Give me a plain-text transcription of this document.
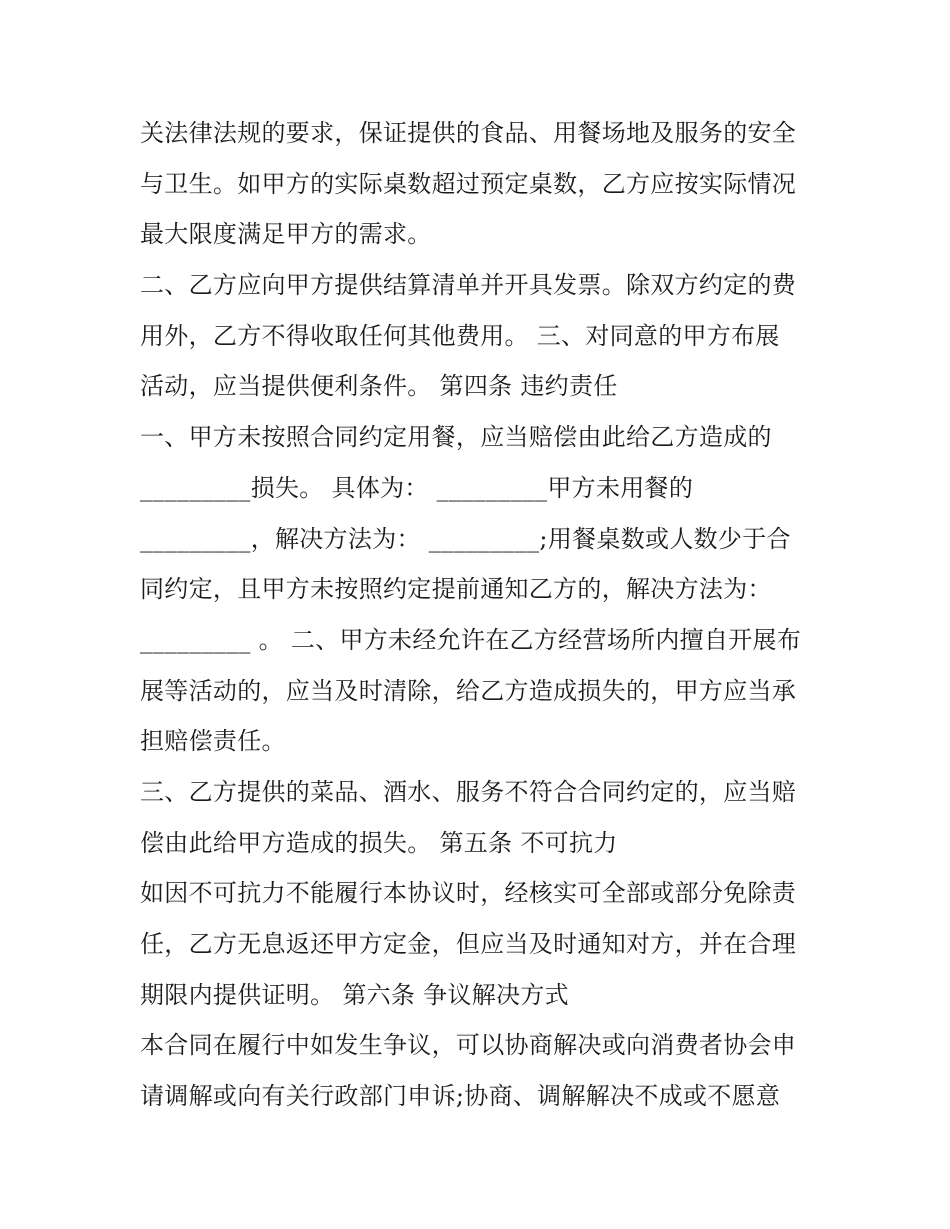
关法律法规的要求，保证提供的食品、用餐场地及服务的安全
与卫生。如甲方的实际桌数超过预定桌数，乙方应按实际情况
最大限度满足甲方的需求。
二、乙方应向甲方提供结算清单并开具发票。除双方约定的费
用外，乙方不得收取任何其他费用。 三、对同意的甲方布展
活动，应当提供便利条件。 第四条 违约责任
一、甲方未按照合同约定用餐，应当赔偿由此给乙方造成的
_________损失。 具体为： _________甲方未用餐的
_________，解决方法为： _________;用餐桌数或人数少于合
同约定，且甲方未按照约定提前通知乙方的，解决方法为：
_________ 。 二、甲方未经允许在乙方经营场所内擅自开展布
展等活动的，应当及时清除，给乙方造成损失的，甲方应当承
担赔偿责任。
三、乙方提供的菜品、酒水、服务不符合合同约定的，应当赔
偿由此给甲方造成的损失。 第五条 不可抗力
如因不可抗力不能履行本协议时，经核实可全部或部分免除责
任，乙方无息返还甲方定金，但应当及时通知对方，并在合理
期限内提供证明。 第六条 争议解决方式
本合同在履行中如发生争议，可以协商解决或向消费者协会申
请调解或向有关行政部门申诉;协商、调解解决不成或不愿意
